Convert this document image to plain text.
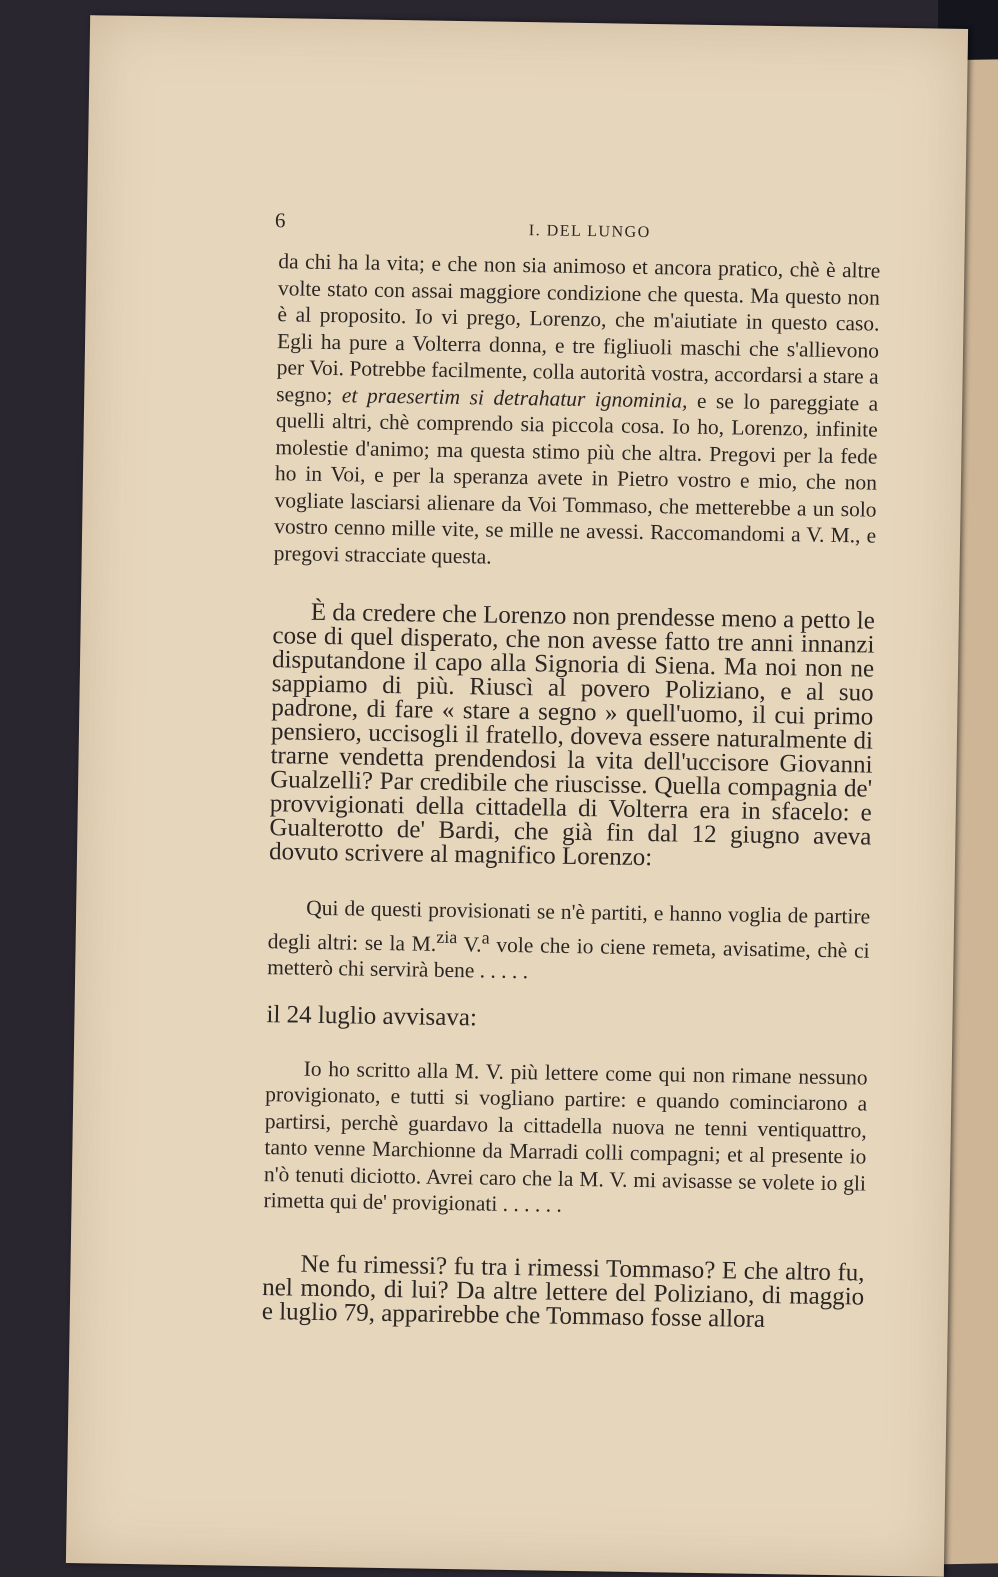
6	I. DEL LUNGO

da chi ha la vita; e che non sia animoso et ancora pratico, chè è altre volte stato con assai maggiore condizione che questa. Ma questo non è al proposito. Io vi prego, Lorenzo, che m'aiutiate in questo caso. Egli ha pure a Volterra donna, e tre figliuoli maschi che s'allievono per Voi. Potrebbe facilmente, colla autorità vostra, accordarsi a stare a segno; et praesertim si detrahatur ignominia, e se lo pareggiate a quelli altri, chè comprendo sia piccola cosa. Io ho, Lorenzo, infinite molestie d'animo; ma questa stimo più che altra. Pregovi per la fede ho in Voi, e per la speranza avete in Pietro vostro e mio, che non vogliate lasciarsi alienare da Voi Tommaso, che metterebbe a un solo vostro cenno mille vite, se mille ne avessi. Raccomandomi a V. M., e pregovi stracciate questa.

È da credere che Lorenzo non prendesse meno a petto le cose di quel disperato, che non avesse fatto tre anni innanzi disputandone il capo alla Signoria di Siena. Ma noi non ne sappiamo di più. Riuscì al povero Poliziano, e al suo padrone, di fare « stare a segno » quell'uomo, il cui primo pensiero, uccisogli il fratello, doveva essere naturalmente di trarne vendetta prendendosi la vita dell'uccisore Giovanni Gualzelli? Par credibile che riuscisse. Quella compagnia de' provvigionati della cittadella di Volterra era in sfacelo: e Gualterotto de' Bardi, che già fin dal 12 giugno aveva dovuto scrivere al magnifico Lorenzo:

Qui de questi provisionati se n'è partiti, e hanno voglia de partire degli altri: se la M.$^{zia}$ V.$^a$ vole che io ciene remeta, avisatime, chè ci metterò chi servirà bene . . . . .

il 24 luglio avvisava:

Io ho scritto alla M. V. più lettere come qui non rimane nessuno provigionato, e tutti si vogliano partire: e quando cominciarono a partirsi, perchè guardavo la cittadella nuova ne tenni ventiquattro, tanto venne Marchionne da Marradi colli compagni; et al presente io n'ò tenuti diciotto. Avrei caro che la M. V. mi avisasse se volete io gli rimetta qui de' provigionati . . . . . .

Ne fu rimessi? fu tra i rimessi Tommaso? E che altro fu, nel mondo, di lui? Da altre lettere del Poliziano, di maggio e luglio 79, apparirebbe che Tommaso fosse allora
